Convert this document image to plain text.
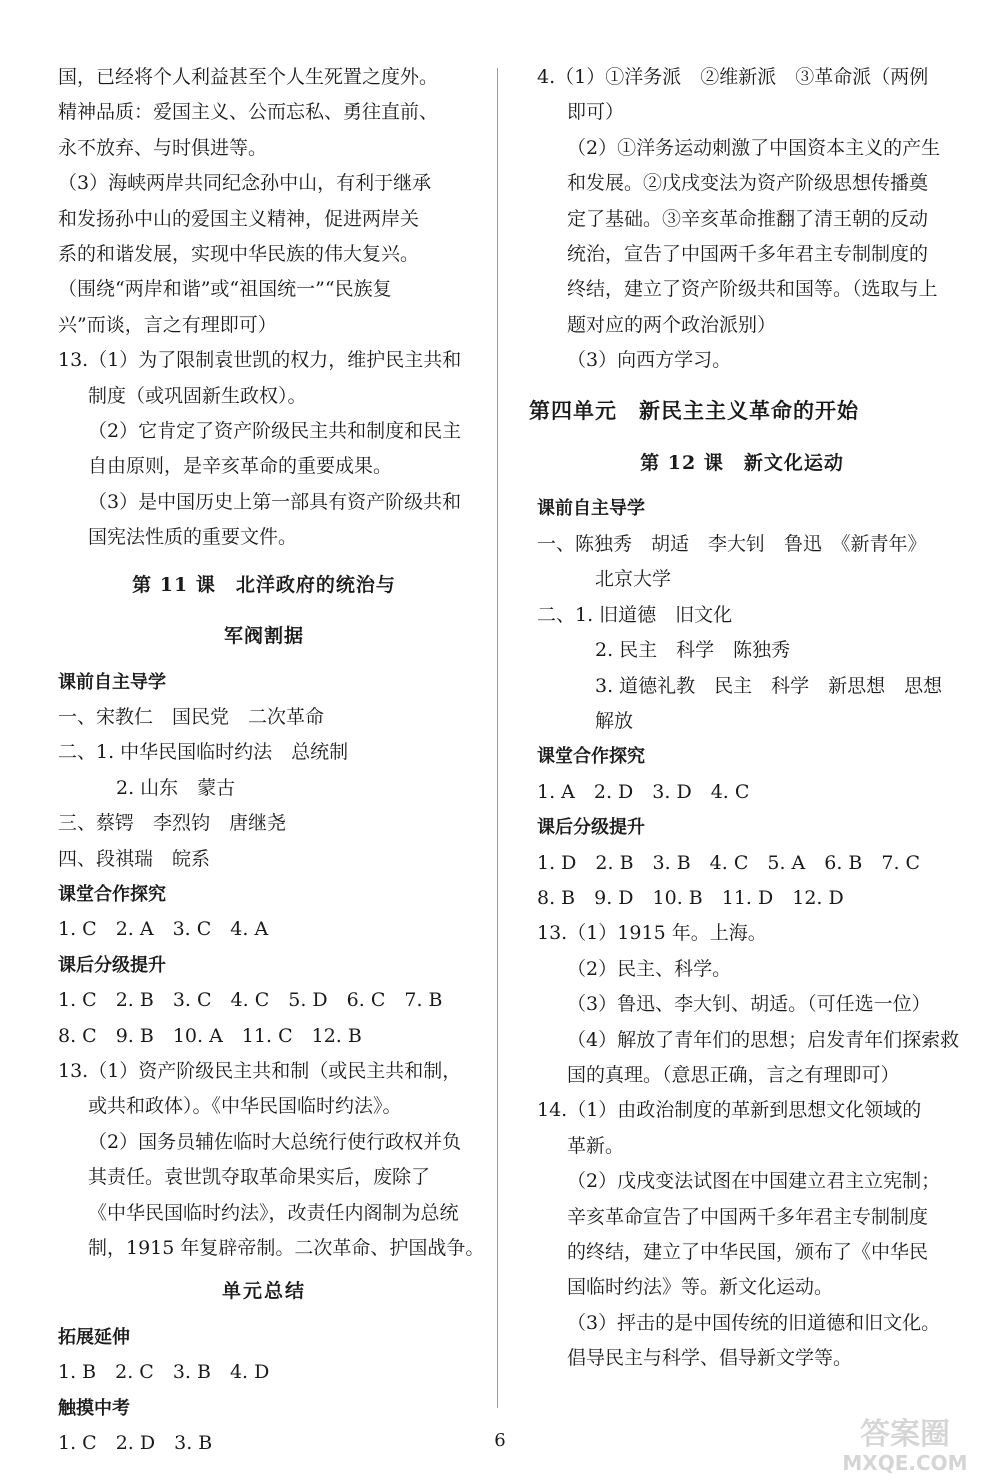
国，已经将个人利益甚至个人生死置之度外。
精神品质：爱国主义、公而忘私、勇往直前、
永不放弃、与时俱进等。
（3）海峡两岸共同纪念孙中山，有利于继承
和发扬孙中山的爱国主义精神，促进两岸关
系的和谐发展，实现中华民族的伟大复兴。
（围绕“两岸和谐”或“祖国统一”“民族复
兴”而谈，言之有理即可）
13.（1）为了限制袁世凯的权力，维护民主共和
制度（或巩固新生政权）。
（2）它肯定了资产阶级民主共和制度和民主
自由原则，是辛亥革命的重要成果。
（3）是中国历史上第一部具有资产阶级共和
国宪法性质的重要文件。
第 11 课　北洋政府的统治与
军阀割据
课前自主导学
一、宋教仁　国民党　二次革命
二、1. 中华民国临时约法　总统制
2. 山东　蒙古
三、蔡锷　李烈钧　唐继尧
四、段祺瑞　皖系
课堂合作探究
1. C　2. A　3. C　4. A
课后分级提升
1. C　2. B　3. C　4. C　5. D　6. C　7. B
8. C　9. B　10. A　11. C　12. B
13.（1）资产阶级民主共和制（或民主共和制，
或共和政体）。《中华民国临时约法》。
（2）国务员辅佐临时大总统行使行政权并负
其责任。袁世凯夺取革命果实后，废除了
《中华民国临时约法》，改责任内阁制为总统
制，1915 年复辟帝制。二次革命、护国战争。
单元总结
拓展延伸
1. B　2. C　3. B　4. D
触摸中考
1. C　2. D　3. B
4.（1）①洋务派　②维新派　③革命派（两例
即可）
（2）①洋务运动刺激了中国资本主义的产生
和发展。②戊戌变法为资产阶级思想传播奠
定了基础。③辛亥革命推翻了清王朝的反动
统治，宣告了中国两千多年君主专制制度的
终结，建立了资产阶级共和国等。（选取与上
题对应的两个政治派别）
（3）向西方学习。
第四单元　新民主主义革命的开始
第 12 课　新文化运动
课前自主导学
一、陈独秀　胡适　李大钊　鲁迅　《新青年》
北京大学
二、1. 旧道德　旧文化
2. 民主　科学　陈独秀
3. 道德礼教　民主　科学　新思想　思想
解放
课堂合作探究
1. A　2. D　3. D　4. C
课后分级提升
1. D　2. B　3. B　4. C　5. A　6. B　7. C
8. B　9. D　10. B　11. D　12. D
13.（1）1915 年。上海。
（2）民主、科学。
（3）鲁迅、李大钊、胡适。（可任选一位）
（4）解放了青年们的思想；启发青年们探索救
国的真理。（意思正确，言之有理即可）
14.（1）由政治制度的革新到思想文化领域的
革新。
（2）戊戌变法试图在中国建立君主立宪制；
辛亥革命宣告了中国两千多年君主专制制度
的终结，建立了中华民国，颁布了《中华民
国临时约法》等。新文化运动。
（3）抨击的是中国传统的旧道德和旧文化。
倡导民主与科学、倡导新文学等。
6	答案圈
MXQE.COM
